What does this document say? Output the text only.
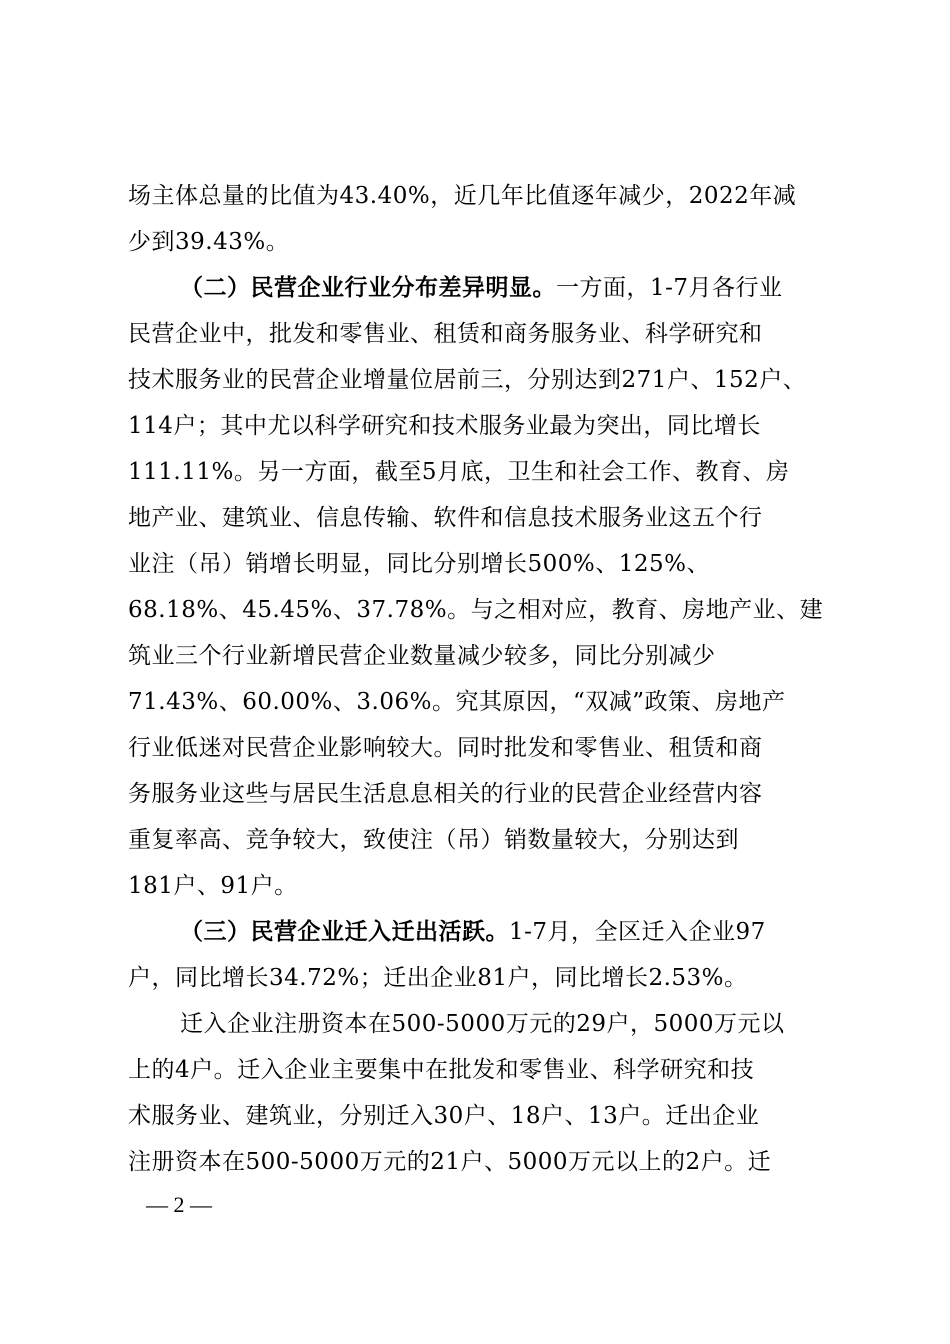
场主体总量的比值为43.40%，近几年比值逐年减少，2022年减
少到39.43%。
（二）民营企业行业分布差异明显。一方面，1-7月各行业
民营企业中，批发和零售业、租赁和商务服务业、科学研究和
技术服务业的民营企业增量位居前三，分别达到271户、152户、
114户；其中尤以科学研究和技术服务业最为突出，同比增长
111.11%。另一方面，截至5月底，卫生和社会工作、教育、房
地产业、建筑业、信息传输、软件和信息技术服务业这五个行
业注（吊）销增长明显，同比分别增长500%、125%、
68.18%、45.45%、37.78%。与之相对应，教育、房地产业、建
筑业三个行业新增民营企业数量减少较多，同比分别减少
71.43%、60.00%、3.06%。究其原因，“双减”政策、房地产
行业低迷对民营企业影响较大。同时批发和零售业、租赁和商
务服务业这些与居民生活息息相关的行业的民营企业经营内容
重复率高、竞争较大，致使注（吊）销数量较大，分别达到
181户、91户。
（三）民营企业迁入迁出活跃。1-7月，全区迁入企业97
户，同比增长34.72%；迁出企业81户，同比增长2.53%。
迁入企业注册资本在500-5000万元的29户，5000万元以
上的4户。迁入企业主要集中在批发和零售业、科学研究和技
术服务业、建筑业，分别迁入30户、18户、13户。迁出企业
注册资本在500-5000万元的21户、5000万元以上的2户。迁
— 2 —
